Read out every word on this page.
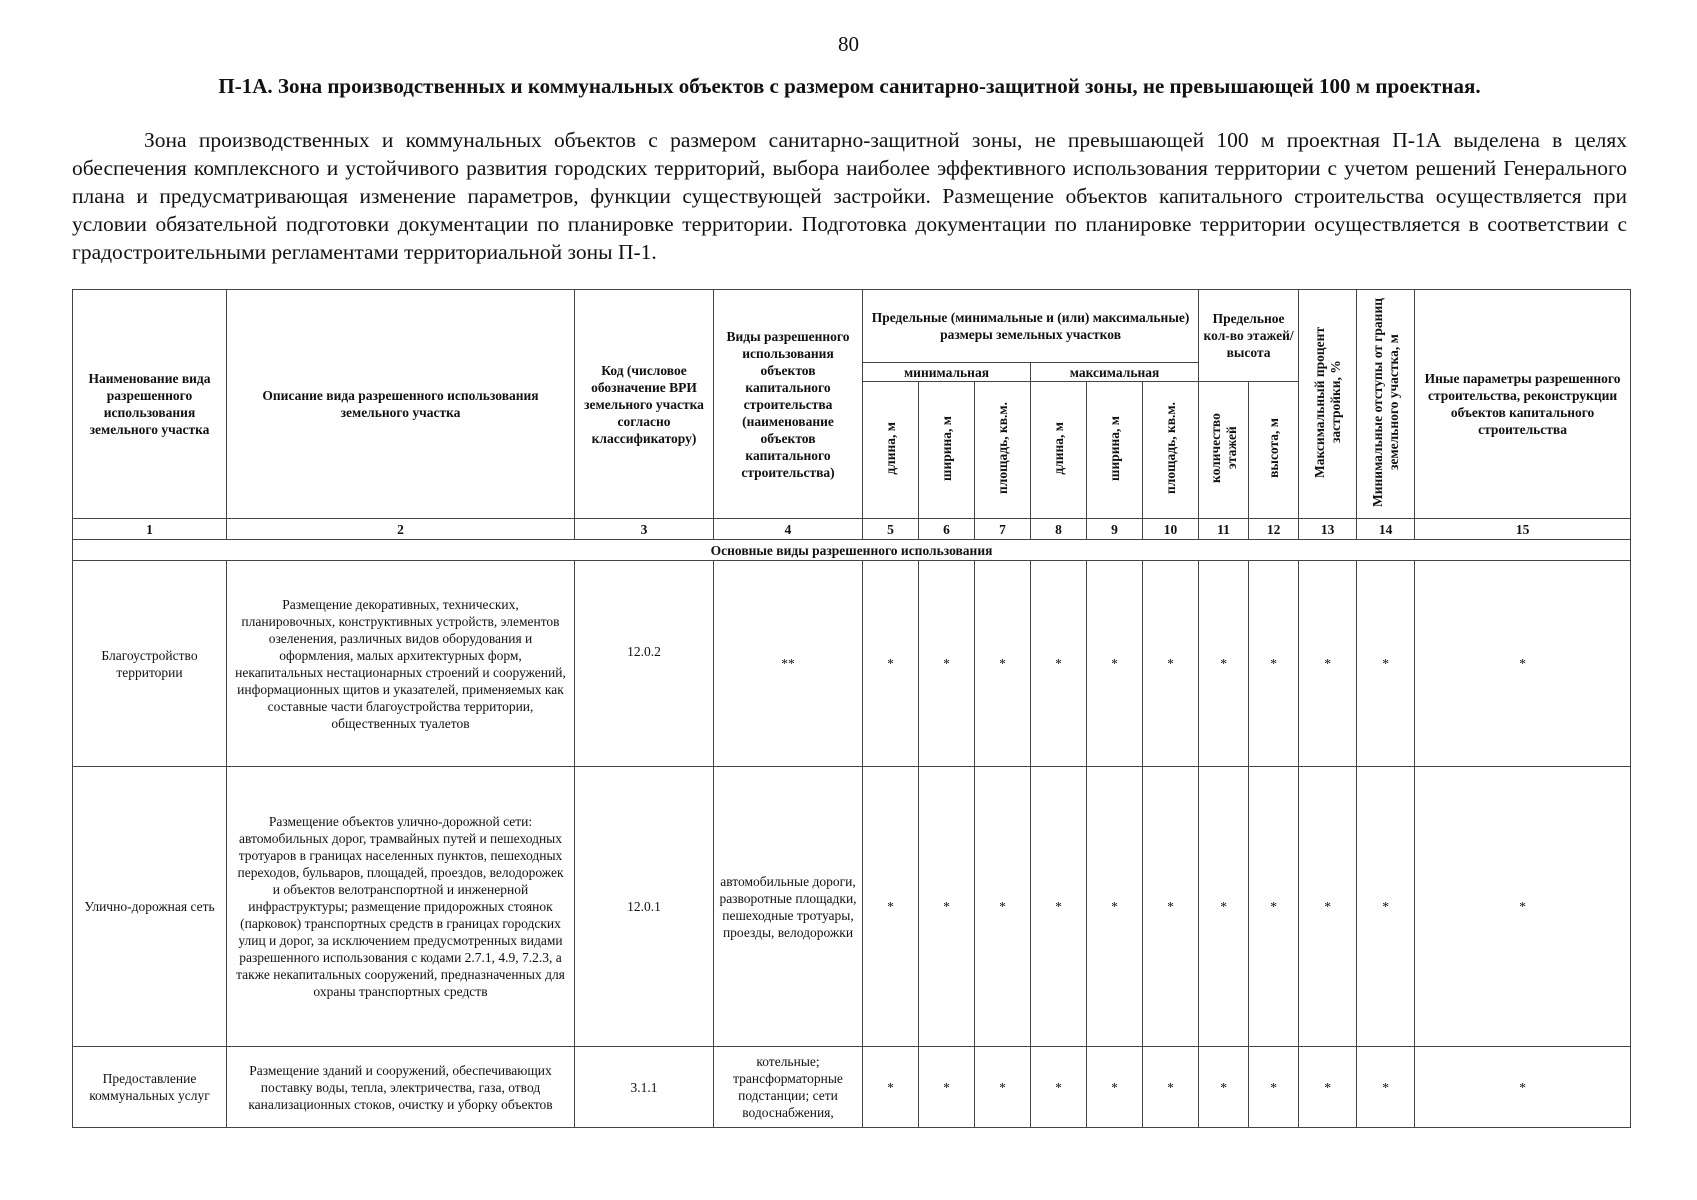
80
П-1А. Зона производственных и коммунальных объектов с размером санитарно-защитной зоны, не превышающей 100 м проектная.

Зона производственных и коммунальных объектов с размером санитарно-защитной зоны, не превышающей 100 м проектная П-1А выделена в целях обеспечения комплексного и устойчивого развития городских территорий, выбора наиболее эффективного использования территории с учетом решений Генерального плана и предусматривающая изменение параметров, функции существующей застройки. Размещение объектов капитального строительства осуществляется при условии обязательной подготовки документации по планировке территории. Подготовка документации по планировке территории осуществляется в соответствии с градостроительными регламентами территориальной зоны П-1.

Наименование вида разрешенного использования земельного участка	Описание вида разрешенного использования земельного участка	Код (числовое обозначение ВРИ земельного участка согласно классификатору)	Виды разрешенного использования объектов капитального строительства (наименование объектов капитального строительства)	Предельные (минимальные и (или) максимальные) размеры земельных участков						Предельное кол-во этажей/ высота		Максимальный процент застройки, %	Минимальные отступы от границ земельного участка, м	Иные параметры разрешенного строительства, реконструкции объектов капитального строительства
				минимальная			максимальная							
				длина, м	ширина, м	площадь, кв.м.	длина, м	ширина, м	площадь, кв.м.	количество этажей	высота, м			
1	2	3	4	5	6	7	8	9	10	11	12	13	14	15
Основные виды разрешенного использования														
Благоустройство территории	Размещение декоративных, технических, планировочных, конструктивных устройств, элементов озеленения, различных видов оборудования и оформления, малых архитектурных форм, некапитальных нестационарных строений и сооружений, информационных щитов и указателей, применяемых как составные части благоустройства территории, общественных туалетов	12.0.2	**	*	*	*	*	*	*	*	*	*	*	*
Улично-дорожная сеть	Размещение объектов улично-дорожной сети: автомобильных дорог, трамвайных путей и пешеходных тротуаров в границах населенных пунктов, пешеходных переходов, бульваров, площадей, проездов, велодорожек и объектов велотранспортной и инженерной инфраструктуры; размещение придорожных стоянок (парковок) транспортных средств в границах городских улиц и дорог, за исключением предусмотренных видами разрешенного использования с кодами 2.7.1, 4.9, 7.2.3, а также некапитальных сооружений, предназначенных для охраны транспортных средств	12.0.1	автомобильные дороги, разворотные площадки, пешеходные тротуары, проезды, велодорожки	*	*	*	*	*	*	*	*	*	*	*
Предоставление коммунальных услуг	Размещение зданий и сооружений, обеспечивающих поставку воды, тепла, электричества, газа, отвод канализационных стоков, очистку и уборку объектов	3.1.1	котельные; трансформаторные подстанции; сети водоснабжения,	*	*	*	*	*	*	*	*	*	*	*
